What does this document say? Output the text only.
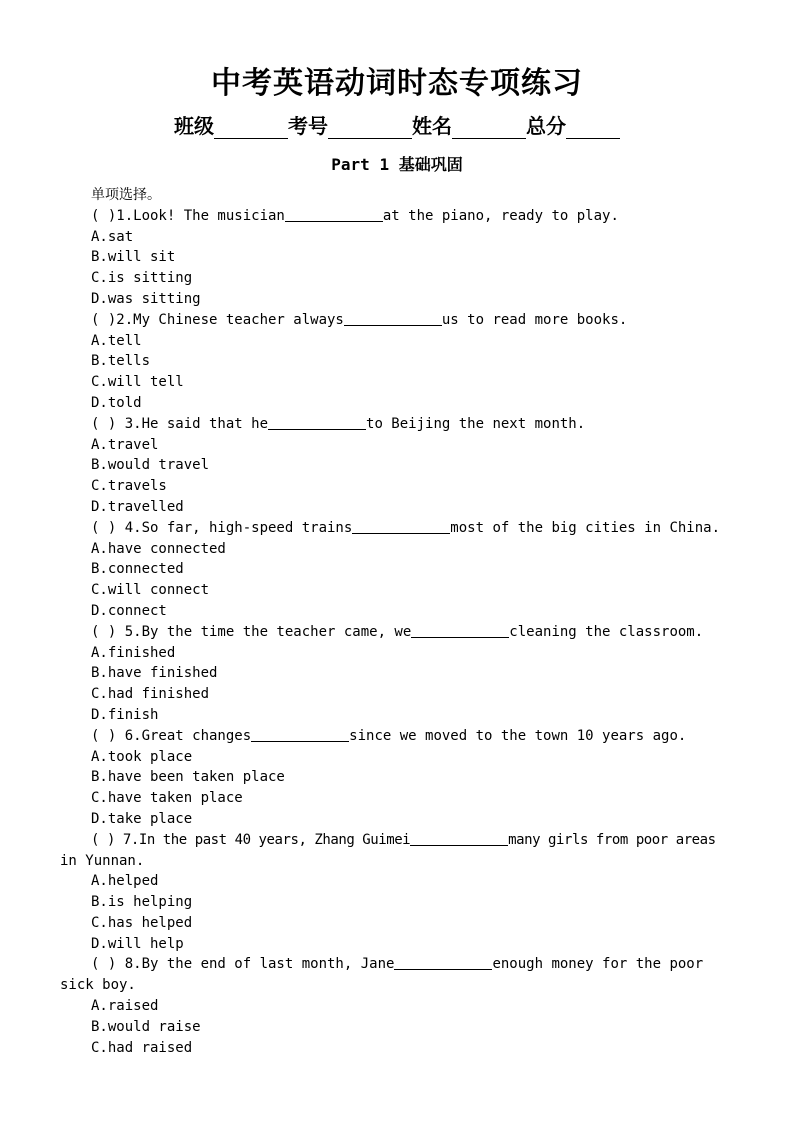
中考英语动词时态专项练习
班级	考号	姓名	总分
Part 1 基础巩固
单项选择。
( )1.Look! The musician	at the piano, ready to play.
A.sat
B.will sit
C.is sitting
D.was sitting
( )2.My Chinese teacher always	us to read more books.
A.tell
B.tells
C.will tell
D.told
( ) 3.He said that he	to Beijing the next month.
A.travel
B.would travel
C.travels
D.travelled
( ) 4.So far, high-speed trains	most of the big cities in China.
A.have connected
B.connected
C.will connect
D.connect
( ) 5.By the time the teacher came, we	cleaning the classroom.
A.finished
B.have finished
C.had finished
D.finish
( ) 6.Great changes	since we moved to the town 10 years ago.
A.took place
B.have been taken place
C.have taken place
D.take place
( ) 7.In the past 40 years, Zhang Guimei	many girls from poor areas
in Yunnan.
A.helped
B.is helping
C.has helped
D.will help
( ) 8.By the end of last month, Jane	enough money for the poor
sick boy.
A.raised
B.would raise
C.had raised
